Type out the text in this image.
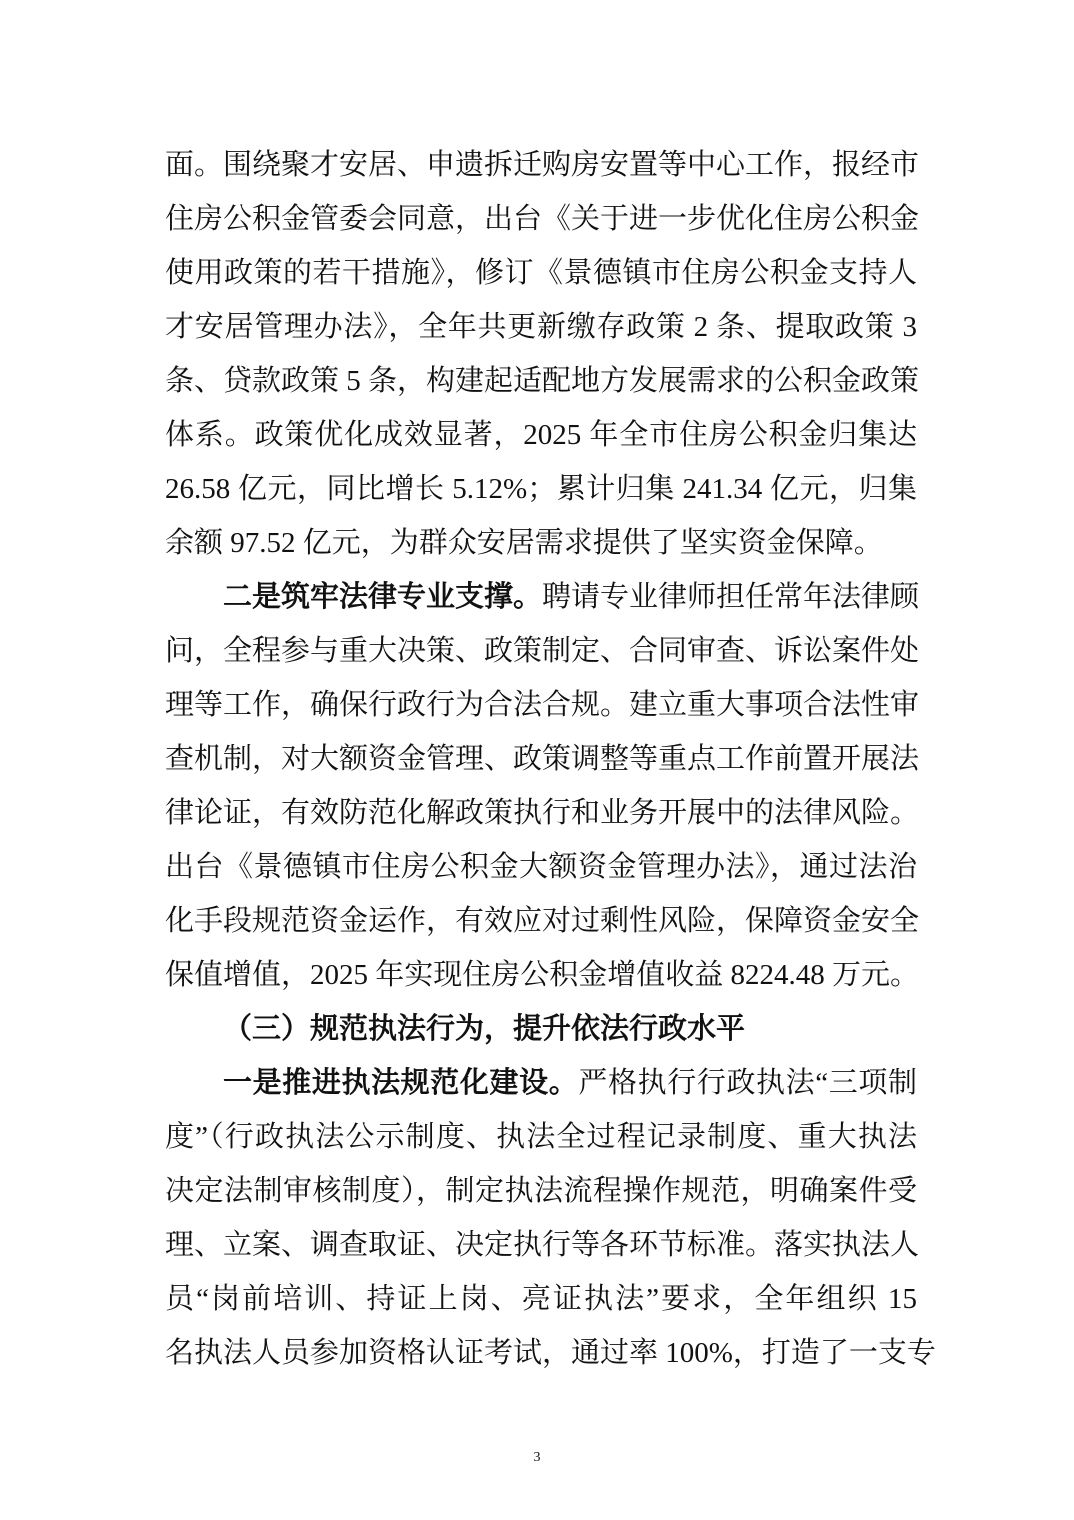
面。围绕聚才安居、申遗拆迁购房安置等中心工作，报经市
住房公积金管委会同意，出台《关于进一步优化住房公积金
使用政策的若干措施》，修订《景德镇市住房公积金支持人
才安居管理办法》，全年共更新缴存政策 2 条、提取政策 3
条、贷款政策 5 条，构建起适配地方发展需求的公积金政策
体系。政策优化成效显著，2025 年全市住房公积金归集达
26.58 亿元，同比增长 5.12%；累计归集 241.34 亿元，归集
余额 97.52 亿元，为群众安居需求提供了坚实资金保障。
二是筑牢法律专业支撑。聘请专业律师担任常年法律顾
问，全程参与重大决策、政策制定、合同审查、诉讼案件处
理等工作，确保行政行为合法合规。建立重大事项合法性审
查机制，对大额资金管理、政策调整等重点工作前置开展法
律论证，有效防范化解政策执行和业务开展中的法律风险。
出台《景德镇市住房公积金大额资金管理办法》，通过法治
化手段规范资金运作，有效应对过剩性风险，保障资金安全
保值增值，2025 年实现住房公积金增值收益 8224.48 万元。
（三）规范执法行为，提升依法行政水平
一是推进执法规范化建设。严格执行行政执法“三项制
度”（行政执法公示制度、执法全过程记录制度、重大执法
决定法制审核制度），制定执法流程操作规范，明确案件受
理、立案、调查取证、决定执行等各环节标准。落实执法人
员“岗前培训、持证上岗、亮证执法”要求，全年组织 15
名执法人员参加资格认证考试，通过率 100%，打造了一支专
3
